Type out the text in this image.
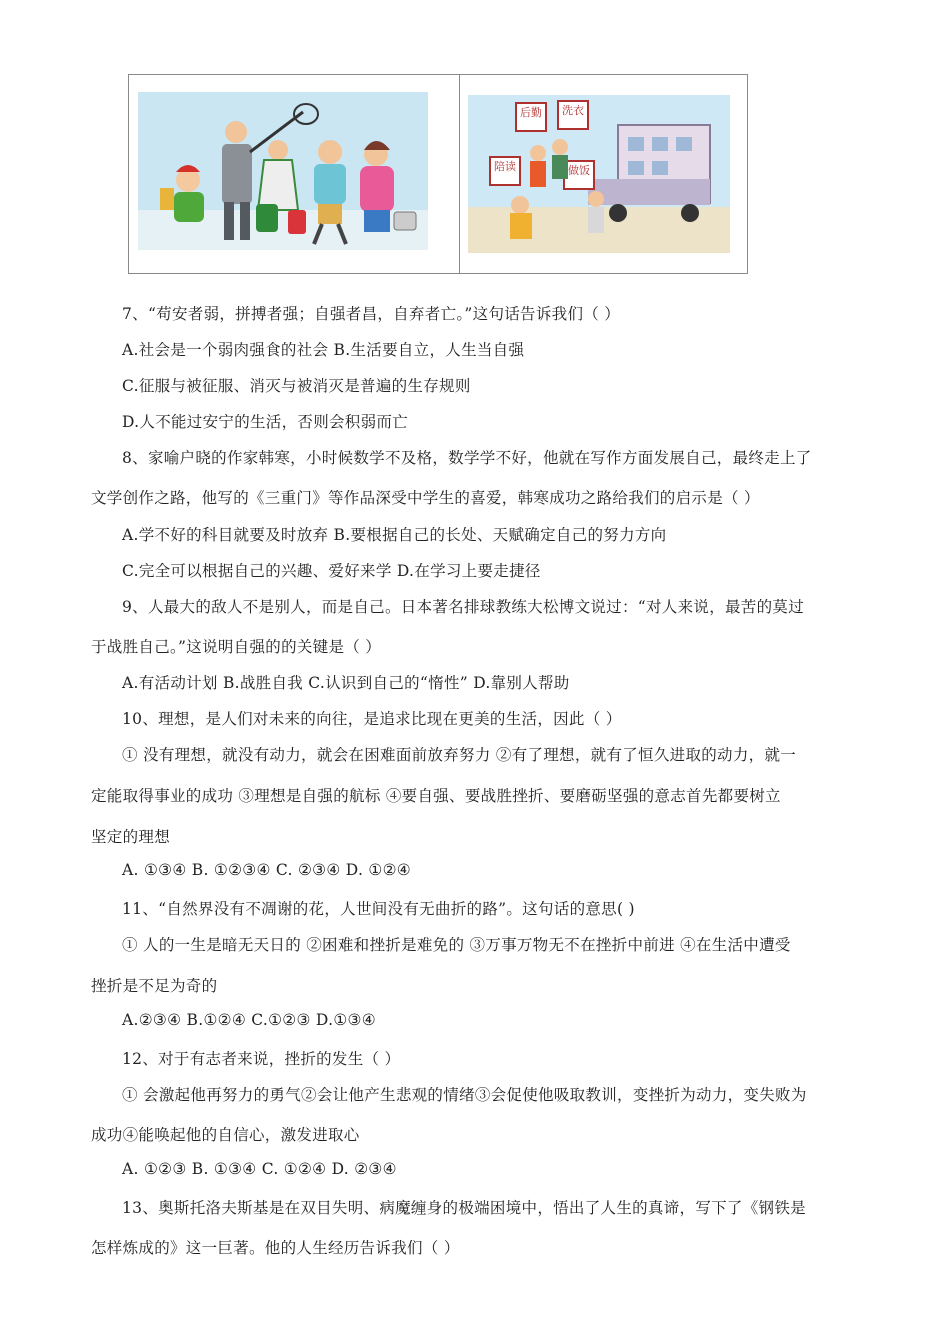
后勤 洗衣
陪读	做饭
7、“苟安者弱，拼搏者强；自强者昌，自弃者亡。”这句话告诉我们（ ）
A.社会是一个弱肉强食的社会 B.生活要自立，人生当自强
C.征服与被征服、消灭与被消灭是普遍的生存规则
D.人不能过安宁的生活，否则会积弱而亡
8、家喻户晓的作家韩寒，小时候数学不及格，数学学不好，他就在写作方面发展自己，最终走上了
文学创作之路，他写的《三重门》等作品深受中学生的喜爱，韩寒成功之路给我们的启示是（ ）
A.学不好的科目就要及时放弃 B.要根据自己的长处、天赋确定自己的努力方向
C.完全可以根据自己的兴趣、爱好来学 D.在学习上要走捷径
9、人最大的敌人不是别人，而是自己。日本著名排球教练大松博文说过：“对人来说，最苦的莫过
于战胜自己。”这说明自强的的关键是（ ）
A.有活动计划 B.战胜自我 C.认识到自己的“惰性” D.靠别人帮助
10、理想，是人们对未来的向往，是追求比现在更美的生活，因此（ ）
① 没有理想，就没有动力，就会在困难面前放弃努力 ②有了理想，就有了恒久进取的动力，就一
定能取得事业的成功 ③理想是自强的航标 ④要自强、要战胜挫折、要磨砺坚强的意志首先都要树立
坚定的理想
A. ①③④ B. ①②③④ C. ②③④ D. ①②④
11、“自然界没有不凋谢的花，人世间没有无曲折的路”。这句话的意思( )
① 人的一生是暗无天日的 ②困难和挫折是难免的 ③万事万物无不在挫折中前进 ④在生活中遭受
挫折是不足为奇的
A.②③④ B.①②④ C.①②③ D.①③④
12、对于有志者来说，挫折的发生（ ）
① 会激起他再努力的勇气②会让他产生悲观的情绪③会促使他吸取教训，变挫折为动力，变失败为
成功④能唤起他的自信心，激发进取心
A. ①②③ B. ①③④ C. ①②④ D. ②③④
13、奥斯托洛夫斯基是在双目失明、病魔缠身的极端困境中，悟出了人生的真谛，写下了《钢铁是
怎样炼成的》这一巨著。他的人生经历告诉我们（ ）
